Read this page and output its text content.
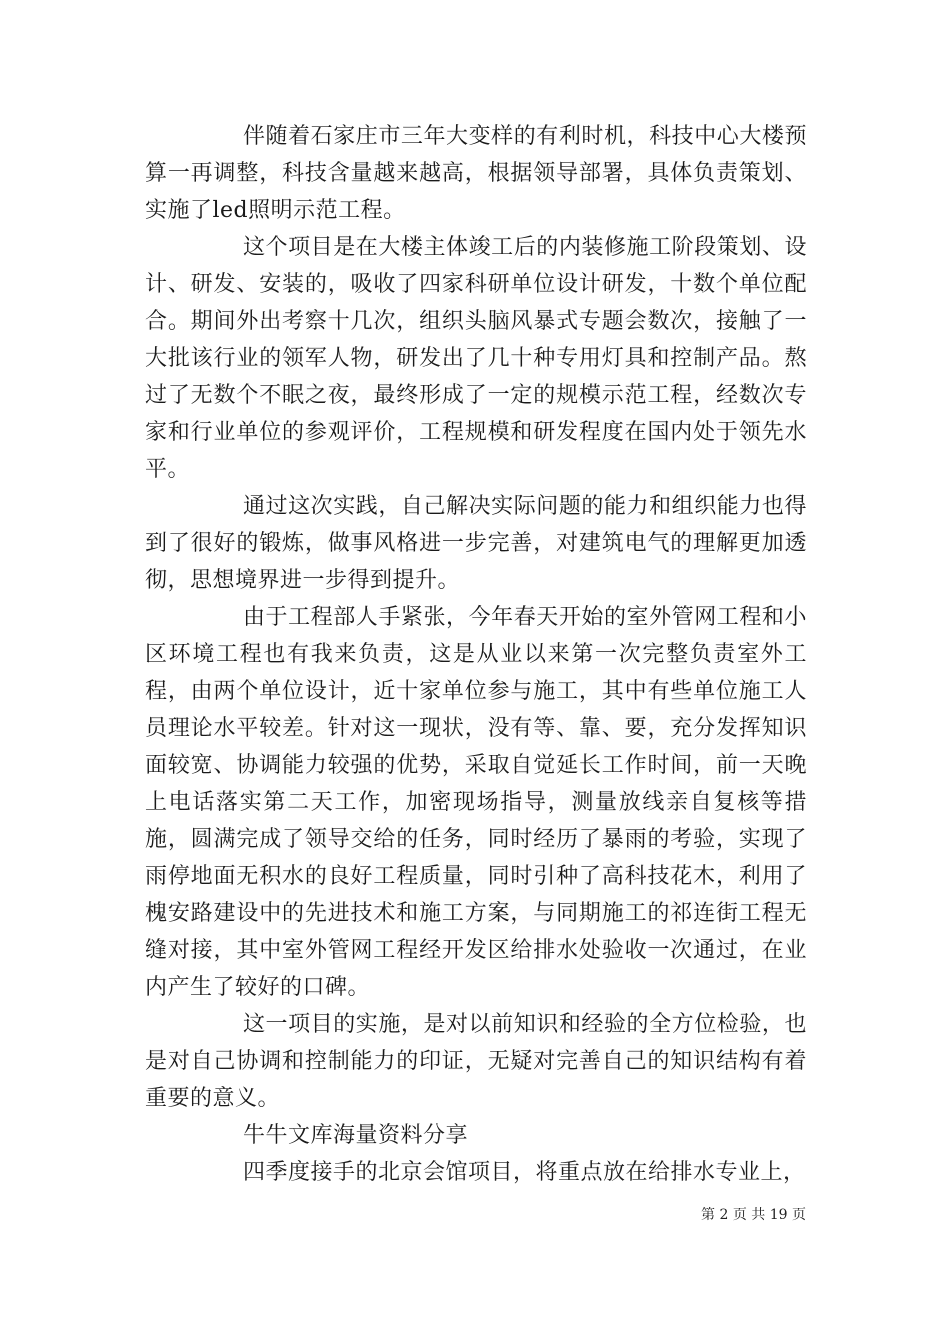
伴随着石家庄市三年大变样的有利时机，科技中心大楼预算一再调整，科技含量越来越高，根据领导部署，具体负责策划、实施了led照明示范工程。

这个项目是在大楼主体竣工后的内装修施工阶段策划、设计、研发、安装的，吸收了四家科研单位设计研发，十数个单位配合。期间外出考察十几次，组织头脑风暴式专题会数次，接触了一大批该行业的领军人物，研发出了几十种专用灯具和控制产品。熬过了无数个不眠之夜，最终形成了一定的规模示范工程，经数次专家和行业单位的参观评价，工程规模和研发程度在国内处于领先水平。

通过这次实践，自己解决实际问题的能力和组织能力也得到了很好的锻炼，做事风格进一步完善，对建筑电气的理解更加透彻，思想境界进一步得到提升。

由于工程部人手紧张，今年春天开始的室外管网工程和小区环境工程也有我来负责，这是从业以来第一次完整负责室外工程，由两个单位设计，近十家单位参与施工，其中有些单位施工人员理论水平较差。针对这一现状，没有等、靠、要，充分发挥知识面较宽、协调能力较强的优势，采取自觉延长工作时间，前一天晚上电话落实第二天工作，加密现场指导，测量放线亲自复核等措施，圆满完成了领导交给的任务，同时经历了暴雨的考验，实现了雨停地面无积水的良好工程质量，同时引种了高科技花木，利用了槐安路建设中的先进技术和施工方案，与同期施工的祁连街工程无缝对接，其中室外管网工程经开发区给排水处验收一次通过，在业内产生了较好的口碑。

这一项目的实施，是对以前知识和经验的全方位检验，也是对自己协调和控制能力的印证，无疑对完善自己的知识结构有着重要的意义。

牛牛文库海量资料分享

四季度接手的北京会馆项目，将重点放在给排水专业上，

第 2 页 共 19 页
